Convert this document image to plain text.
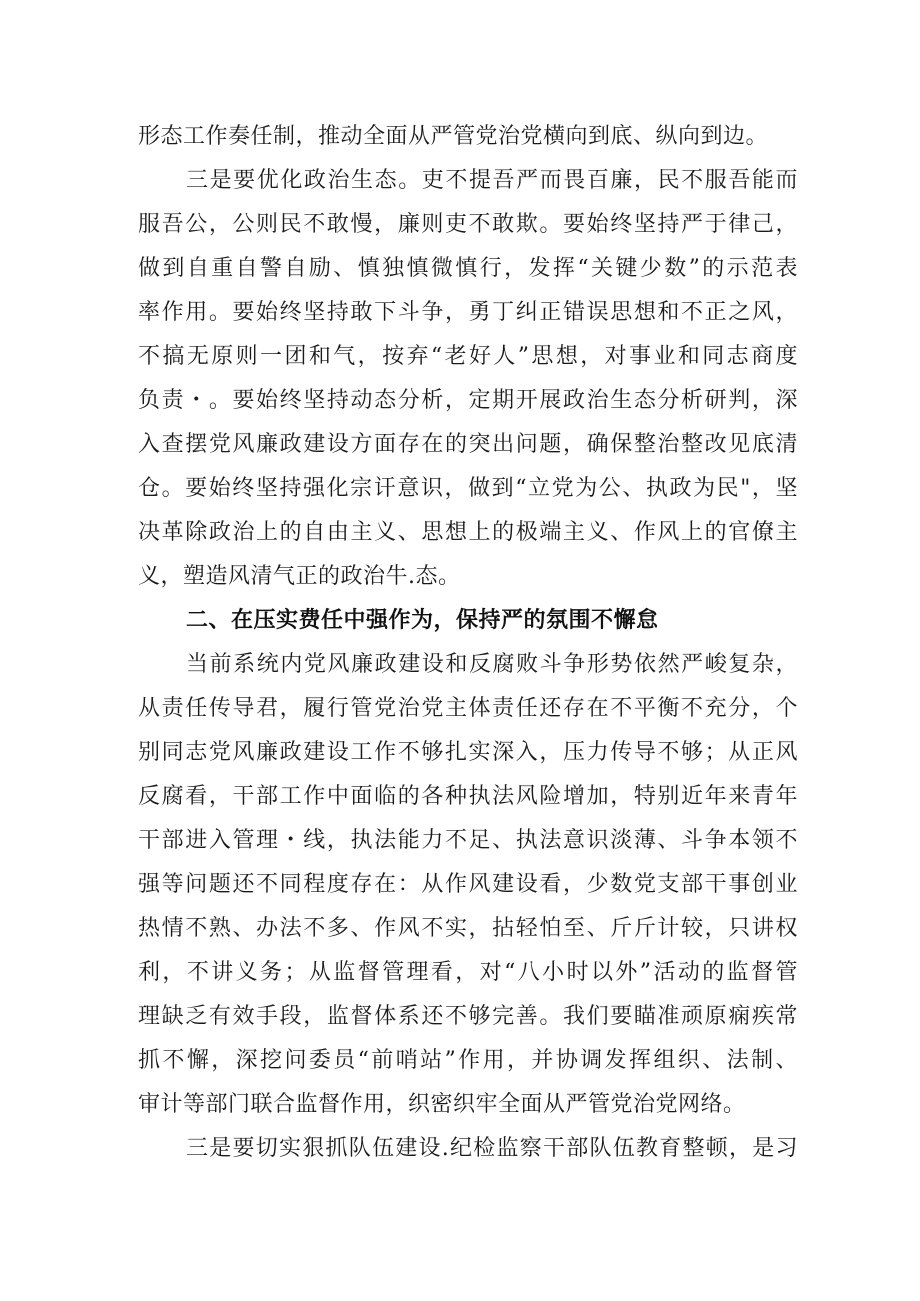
形态工作奏任制，推动全面从严管党治党横向到底、纵向到边。
三是要优化政治生态。吏不提吾严而畏百廉，民不服吾能而
服吾公，公则民不敢慢，廉则吏不敢欺。要始终坚持严于律己，
做到自重自警自励、慎独慎微慎行，发挥“关键少数”的示范表
率作用。要始终坚持敢下斗争，勇丁纠正错误思想和不正之风，
不搞无原则一团和气，按弃“老好人”思想，对事业和同志商度
负责・。要始终坚持动态分析，定期开展政治生态分析研判，深
入查摆党风廉政建设方面存在的突出问题，确保整治整改见底清
仓。要始终坚持强化宗讦意识，做到“立党为公、执政为民"，坚
决革除政治上的自由主义、思想上的极端主义、作风上的官僚主
义，塑造风清气正的政治牛.态。
二、在压实费任中强作为，保持严的氛围不懈怠
当前系统内党风廉政建设和反腐败斗争形势依然严峻复杂，
从责任传导君，履行管党治党主体责任还存在不平衡不充分，个
别同志党风廉政建设工作不够扎实深入，压力传导不够；从正风
反腐看，干部工作中面临的各种执法风险增加，特别近年来青年
干部进入管理・线，执法能力不足、执法意识淡薄、斗争本领不
强等问题还不同程度存在：从作风建设看，少数党支部干事创业
热情不熟、办法不多、作风不实，拈轻怕至、斤斤计较，只讲权
利，不讲义务；从监督管理看，对“八小时以外”活动的监督管
理缺乏有效手段，监督体系还不够完善。我们要瞄准顽原痫疾常
抓不懈，深挖问委员“前哨站”作用，并协调发挥组织、法制、
审计等部门联合监督作用，织密织牢全面从严管党治党网络。
三是要切实狠抓队伍建设.纪检监察干部队伍教育整顿，是习
